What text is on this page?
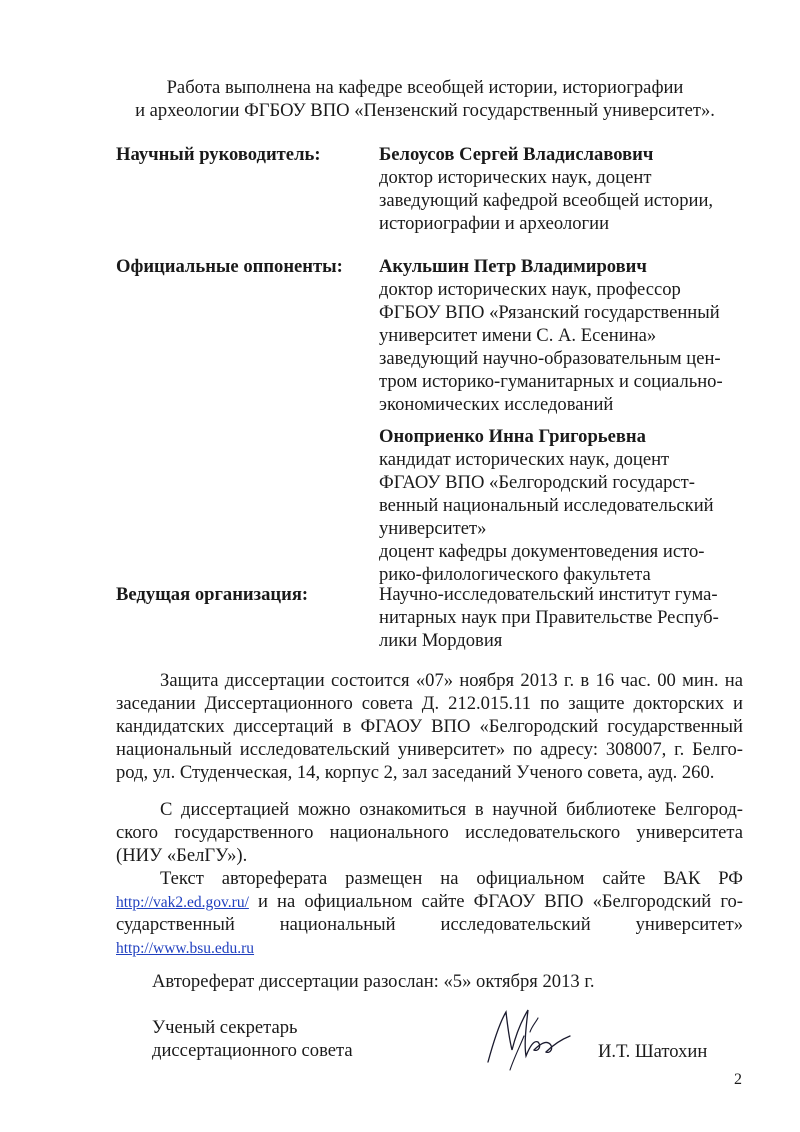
Работа выполнена на кафедре всеобщей истории, историографии
и археологии ФГБОУ ВПО «Пензенский государственный университет».
Научный руководитель:	Белоусов Сергей Владиславович
доктор исторических наук, доцент
заведующий кафедрой всеобщей истории,
историографии и археологии
Официальные оппоненты: Акульшин Петр Владимирович
доктор исторических наук, профессор
ФГБОУ ВПО «Рязанский государственный
университет имени С. А. Есенина»
заведующий научно-образовательным цен-
тром историко-гуманитарных и социально-
экономических исследований
Оноприенко Инна Григорьевна
кандидат исторических наук, доцент
ФГАОУ ВПО «Белгородский государст-
венный национальный исследовательский
университет»
доцент кафедры документоведения исто-
рико-филологического факультета
Ведущая организация:	Научно-исследовательский институт гума-
нитарных наук при Правительстве Респуб-
лики Мордовия
Защита диссертации состоится «07» ноября 2013 г. в 16 час. 00 мин. на
заседании Диссертационного совета Д. 212.015.11 по защите докторских и
кандидатских диссертаций в ФГАОУ ВПО «Белгородский государственный
национальный исследовательский университет» по адресу: 308007, г. Белго-
род, ул. Студенческая, 14, корпус 2, зал заседаний Ученого совета, ауд. 260.
С диссертацией можно ознакомиться в научной библиотеке Белгород-
ского государственного национального исследовательского университета
(НИУ «БелГУ»).
Текст автореферата размещен на официальном сайте ВАК РФ
http://vak2.ed.gov.ru/ и на официальном сайте ФГАОУ ВПО «Белгородский го-
сударственный национальный исследовательский университет»
http://www.bsu.edu.ru
Автореферат диссертации разослан: «5» октября 2013 г.
Ученый секретарь
диссертационного совета	И.Т. Шатохин
2
